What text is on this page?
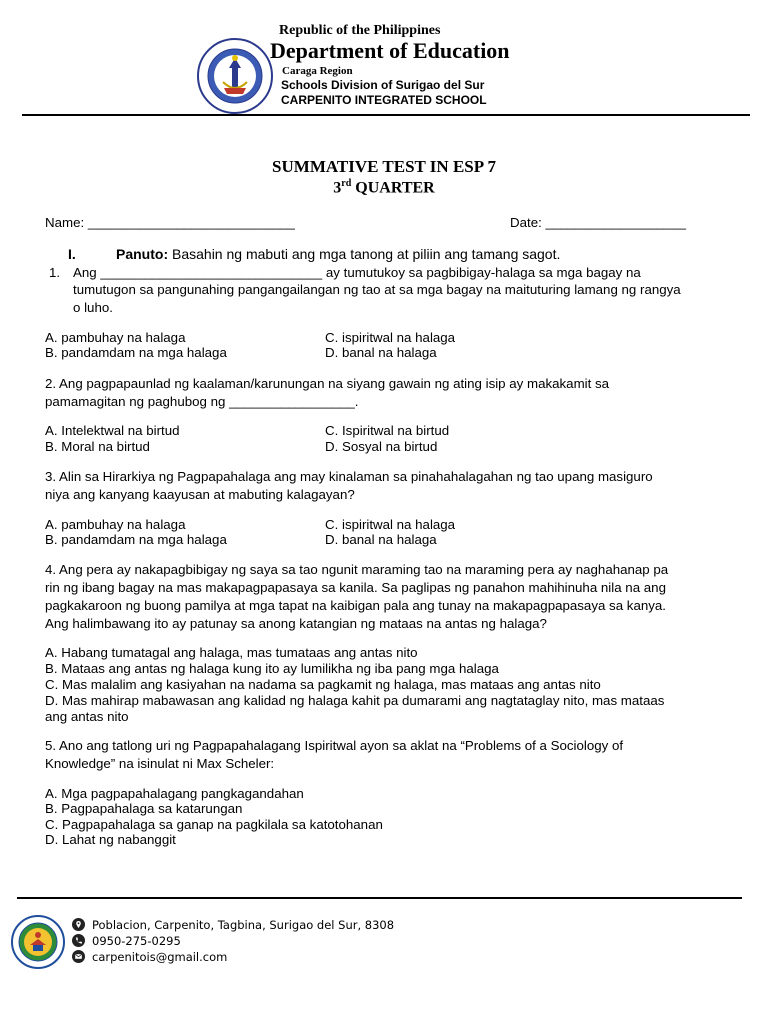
Republic of the Philippines
Department of Education
Caraga Region
Schools Division of Surigao del Sur
CARPENITO INTEGRATED SCHOOL
SUMMATIVE TEST IN ESP 7
3rd QUARTER
Name: ____________________________	Date: ___________________
I.	Panuto: Basahin ng mabuti ang mga tanong at piliin ang tamang sagot.
1. Ang ______________________________ ay tumutukoy sa pagbibigay-halaga sa mga bagay na
tumutugon sa pangunahing pangangailangan ng tao at sa mga bagay na maituturing lamang ng rangya
o luho.
A. pambuhay na halaga	C. ispiritwal na halaga
B. pandamdam na mga halaga	D. banal na halaga
2. Ang pagpapaunlad ng kaalaman/karunungan na siyang gawain ng ating isip ay makakamit sa
pamamagitan ng paghubog ng _________________.
A. Intelektwal na birtud	C. Ispiritwal na birtud
B. Moral na birtud	D. Sosyal na birtud
3. Alin sa Hirarkiya ng Pagpapahalaga ang may kinalaman sa pinahahalagahan ng tao upang masiguro
niya ang kanyang kaayusan at mabuting kalagayan?
A. pambuhay na halaga	C. ispiritwal na halaga
B. pandamdam na mga halaga	D. banal na halaga
4. Ang pera ay nakapagbibigay ng saya sa tao ngunit maraming tao na maraming pera ay naghahanap pa
rin ng ibang bagay na mas makapagpapasaya sa kanila. Sa paglipas ng panahon mahihinuha nila na ang
pagkakaroon ng buong pamilya at mga tapat na kaibigan pala ang tunay na makapagpapasaya sa kanya.
Ang halimbawang ito ay patunay sa anong katangian ng mataas na antas ng halaga?
A. Habang tumatagal ang halaga, mas tumataas ang antas nito
B. Mataas ang antas ng halaga kung ito ay lumilikha ng iba pang mga halaga
C. Mas malalim ang kasiyahan na nadama sa pagkamit ng halaga, mas mataas ang antas nito
D. Mas mahirap mabawasan ang kalidad ng halaga kahit pa dumarami ang nagtataglay nito, mas mataas
ang antas nito
5. Ano ang tatlong uri ng Pagpapahalagang Ispiritwal ayon sa aklat na “Problems of a Sociology of
Knowledge” na isinulat ni Max Scheler:
A. Mga pagpapahalagang pangkagandahan
B. Pagpapahalaga sa katarungan
C. Pagpapahalaga sa ganap na pagkilala sa katotohanan
D. Lahat ng nabanggit
Poblacion, Carpenito, Tagbina, Surigao del Sur, 8308
0950-275-0295
carpenitois@gmail.com
